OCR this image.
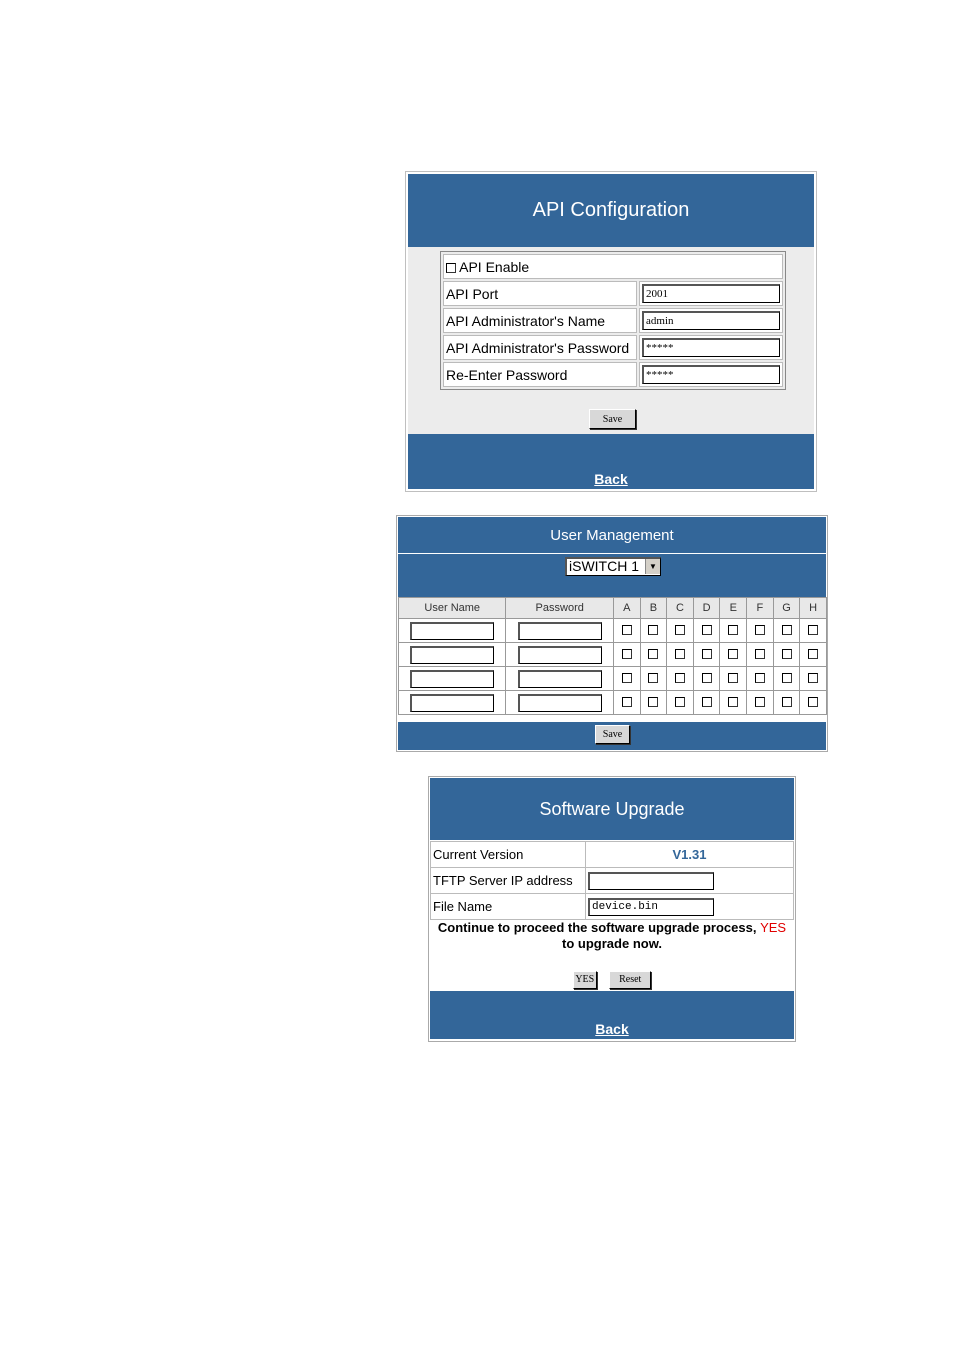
API Configuration
API Enable	
API Port	2001
API Administrator's Name	admin
API Administrator's Password	*****
Re-Enter Password	*****
Save
Back
User Management
iSWITCH 1	▼
User Name	Password	A	B	C	D	E	F	G	H

Save
Software Upgrade
Current Version	V1.31
TFTP Server IP address	
File Name	device.bin
Continue to proceed the software upgrade process, YES
to upgrade now.
YES Reset
Back
